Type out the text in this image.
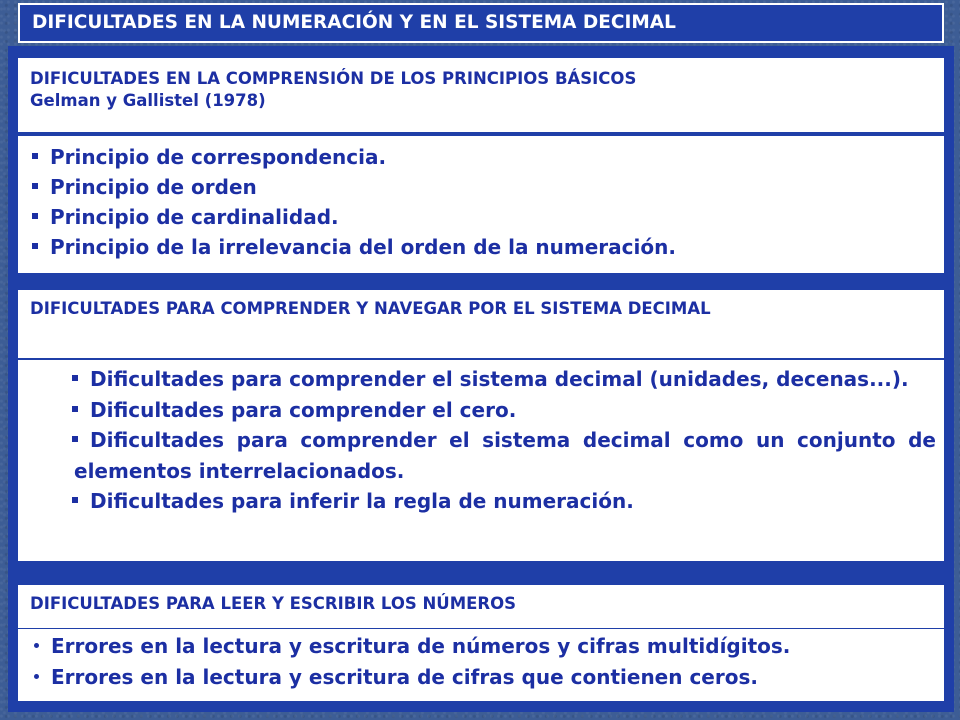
DIFICULTADES EN LA NUMERACIÓN Y EN EL SISTEMA DECIMAL
DIFICULTADES EN LA COMPRENSIÓN DE LOS PRINCIPIOS BÁSICOS
Gelman y Gallistel (1978)
Principio de correspondencia.
Principio de orden
Principio de cardinalidad.
Principio de la irrelevancia del orden de la numeración.
DIFICULTADES PARA COMPRENDER Y NAVEGAR POR EL SISTEMA DECIMAL
Dificultades para comprender el sistema decimal (unidades, decenas...).
Dificultades para comprender el cero.
Dificultades para comprender el sistema decimal como un conjunto de elementos interrelacionados.
Dificultades para inferir la regla de numeración.
DIFICULTADES PARA LEER Y ESCRIBIR LOS NÚMEROS
Errores en la lectura y escritura de números y cifras multidígitos.
Errores en la lectura y escritura de cifras que contienen ceros.
